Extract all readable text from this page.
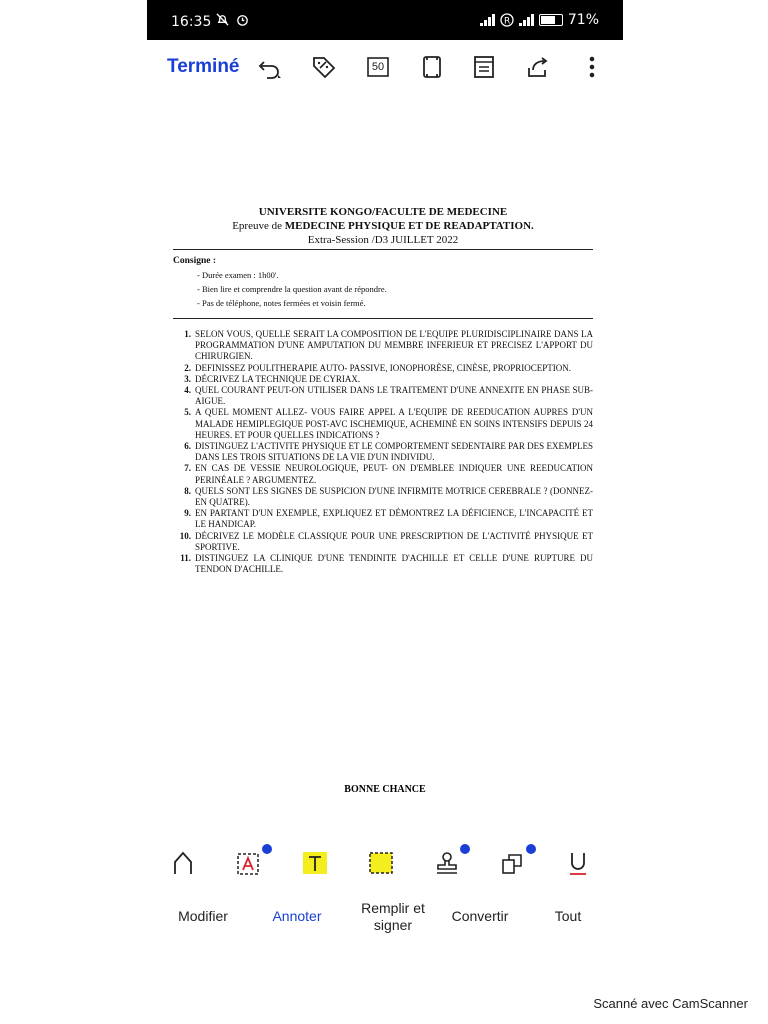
16:35	R	71%
Terminé	50
UNIVERSITE KONGO/FACULTE DE MEDECINE
Epreuve de MEDECINE PHYSIQUE ET DE READAPTATION.
Extra-Session /D3 JUILLET 2022
Consigne :
- Durée examen : 1h00'.
- Bien lire et comprendre la question avant de répondre.
- Pas de téléphone, notes fermées et voisin fermé.
1. SELON VOUS, QUELLE SERAIT LA COMPOSITION DE L'EQUIPE PLURIDISCIPLINAIRE DANS LA PROGRAMMATION D'UNE AMPUTATION DU MEMBRE INFERIEUR ET PRECISEZ L'APPORT DU CHIRURGIEN.
2. DEFINISSEZ POULITHERAPIE AUTO- PASSIVE, IONOPHORÈSE, CINÈSE, PROPRIOCEPTION.
3. DÉCRIVEZ LA TECHNIQUE DE CYRIAX.
4. QUEL COURANT PEUT-ON UTILISER DANS LE TRAITEMENT D'UNE ANNEXITE EN PHASE SUB-AIGUE.
5. A QUEL MOMENT ALLEZ- VOUS FAIRE APPEL A L'EQUIPE DE REEDUCATION AUPRES D'UN MALADE HEMIPLEGIQUE POST-AVC ISCHEMIQUE, ACHEMINÉ EN SOINS INTENSIFS DEPUIS 24 HEURES. ET POUR QUELLES INDICATIONS ?
6. DISTINGUEZ L'ACTIVITE PHYSIQUE ET LE COMPORTEMENT SEDENTAIRE PAR DES EXEMPLES DANS LES TROIS SITUATIONS DE LA VIE D'UN INDIVIDU.
7. EN CAS DE VESSIE NEUROLOGIQUE, PEUT- ON D'EMBLEE INDIQUER UNE REEDUCATION PERINÉALE ? ARGUMENTEZ.
8. QUELS SONT LES SIGNES DE SUSPICION D'UNE INFIRMITE MOTRICE CEREBRALE ? (DONNEZ-EN QUATRE).
9. EN PARTANT D'UN EXEMPLE, EXPLIQUEZ ET DÉMONTREZ LA DÉFICIENCE, L'INCAPACITÉ ET LE HANDICAP.
10. DÉCRIVEZ LE MODÈLE CLASSIQUE POUR UNE PRESCRIPTION DE L'ACTIVITÉ PHYSIQUE ET SPORTIVE.
11. DISTINGUEZ LA CLINIQUE D'UNE TENDINITE D'ACHILLE ET CELLE D'UNE RUPTURE DU TENDON D'ACHILLE.
BONNE CHANCE
Modifier	Annoter	Remplir et signer
Convertir	Tout
Scanné avec CamScanner
